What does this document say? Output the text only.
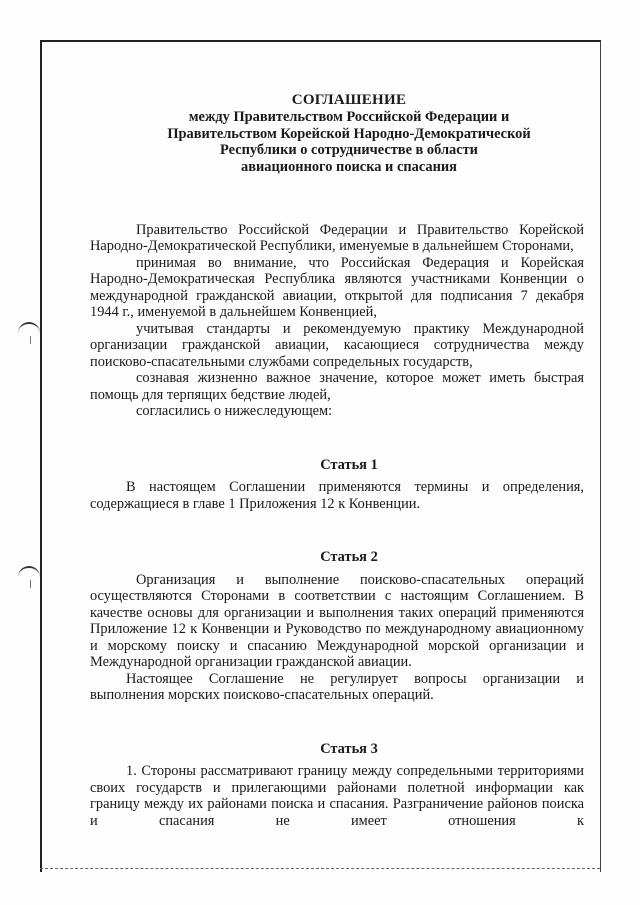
СОГЛАШЕНИЕ
между Правительством Российской Федерации и
Правительством Корейской Народно-Демократической
Республики о сотрудничестве в области
авиационного поиска и спасания

Правительство Российской Федерации и Правительство Корейской Народно-Демократической Республики, именуемые в дальнейшем Сторонами,

принимая во внимание, что Российская Федерация и Корейская Народно-Демократическая Республика являются участниками Конвенции о международной гражданской авиации, открытой для подписания 7 декабря 1944 г., именуемой в дальнейшем Конвенцией,

учитывая стандарты и рекомендуемую практику Международной организации гражданской авиации, касающиеся сотрудничества между поисково-спасательными службами сопредельных государств,

сознавая жизненно важное значение, которое может иметь быстрая помощь для терпящих бедствие людей,

согласились о нижеследующем:

Статья 1

В настоящем Соглашении применяются термины и определения, содержащиеся в главе 1 Приложения 12 к Конвенции.

Статья 2

Организация и выполнение поисково-спасательных операций осуществляются Сторонами в соответствии с настоящим Соглашением. В качестве основы для организации и выполнения таких операций применяются Приложение 12 к Конвенции и Руководство по международному авиационному и морскому поиску и спасанию Международной морской организации и Международной организации гражданской авиации.

Настоящее Соглашение не регулирует вопросы организации и выполнения морских поисково-спасательных операций.

Статья 3

1. Стороны рассматривают границу между сопредельными территориями своих государств и прилегающими районами полетной информации как границу между их районами поиска и спасания. Разграничение районов поиска и спасания не имеет отношения к
